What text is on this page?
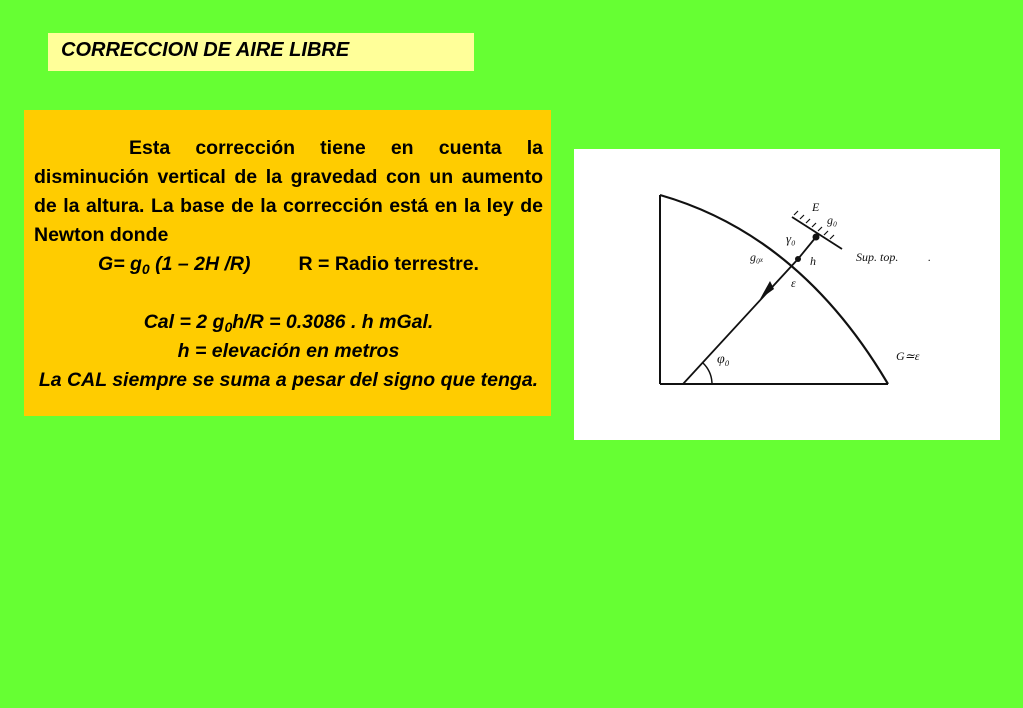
CORRECCION DE AIRE LIBRE

Esta corrección tiene en cuenta la disminución vertical de la gravedad con un aumento de la altura. La base de la corrección está en la ley de Newton donde

$G= g_0$ (1 – 2H /R) R = Radio terrestre.

Cal = 2 $g_0h/R = 0.3086$ . h mGal.

h = elevación en metros

La CAL siempre se suma a pesar del signo que tenga.

E
g₀
γ₀
g₀ₓ	h
ε
Sup. top. .
φ₀	G≃ε
